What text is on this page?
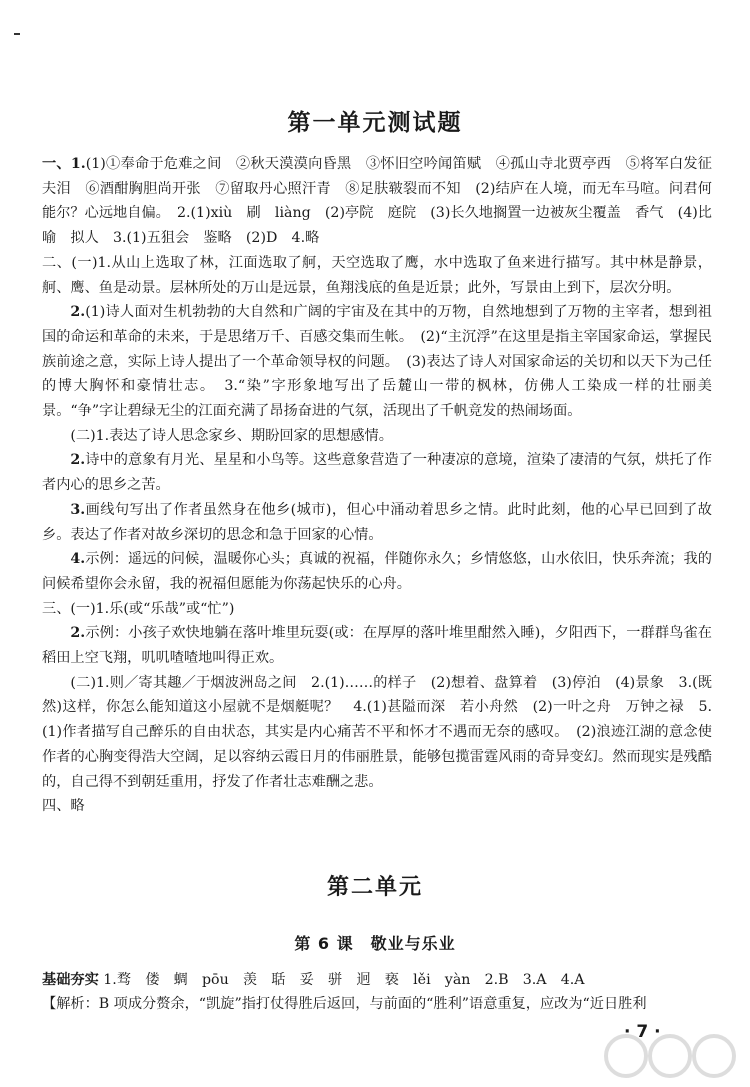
第一单元测试题

一、1.(1)①奉命于危难之间　②秋天漠漠向昏黑　③怀旧空吟闻笛赋　④孤山寺北贾亭西　⑤将军白发征夫泪　⑥酒酣胸胆尚开张　⑦留取丹心照汗青　⑧足肤皲裂而不知　(2)结庐在人境，而无车马喧。问君何能尔？心远地自偏。　2.(1)xiù　刷　liàng　(2)亭院　庭院　(3)长久地搁置一边被灰尘覆盖　香气　(4)比喻　拟人　3.(1)五狙会　鉴略　(2)D　4.略

二、(一)1.从山上选取了林，江面选取了舸，天空选取了鹰，水中选取了鱼来进行描写。其中林是静景，舸、鹰、鱼是动景。层林所处的万山是远景，鱼翔浅底的鱼是近景；此外，写景由上到下，层次分明。

2.(1)诗人面对生机勃勃的大自然和广阔的宇宙及在其中的万物，自然地想到了万物的主宰者，想到祖国的命运和革命的未来，于是思绪万千、百感交集而生帐。　(2)“主沉浮”在这里是指主宰国家命运，掌握民族前途之意，实际上诗人提出了一个革命领导权的问题。　(3)表达了诗人对国家命运的关切和以天下为己任的博大胸怀和豪情壮志。　3.“染”字形象地写出了岳麓山一带的枫林，仿佛人工染成一样的壮丽美景。“争”字让碧绿无尘的江面充满了昂扬奋进的气氛，活现出了千帆竞发的热闹场面。

(二)1.表达了诗人思念家乡、期盼回家的思想感情。

2.诗中的意象有月光、星星和小鸟等。这些意象营造了一种凄凉的意境，渲染了凄清的气氛，烘托了作者内心的思乡之苦。

3.画线句写出了作者虽然身在他乡(城市)，但心中涌动着思乡之情。此时此刻，他的心早已回到了故乡。表达了作者对故乡深切的思念和急于回家的心情。

4.示例：遥远的问候，温暖你心头；真诚的祝福，伴随你永久；乡情悠悠，山水依旧，快乐奔流；我的问候希望你会永留，我的祝福但愿能为你荡起快乐的心舟。

三、(一)1.乐(或“乐哉”或“忙”)

2.示例：小孩子欢快地躺在落叶堆里玩耍(或：在厚厚的落叶堆里酣然入睡)，夕阳西下，一群群鸟雀在稻田上空飞翔，叽叽喳喳地叫得正欢。

(二)1.则／寄其趣／于烟波洲岛之间　2.(1)……的样子　(2)想着、盘算着　(3)停泊　(4)景象　3.(既然)这样，你怎么能知道这小屋就不是烟艇呢？　4.(1)甚隘而深　若小舟然　(2)一叶之舟　万钟之禄　5.(1)作者描写自己醉乐的自由状态，其实是内心痛苦不平和怀才不遇而无奈的感叹。　(2)浪迹江湖的意念使作者的心胸变得浩大空阔，足以容纳云霞日月的伟丽胜景，能够包揽雷霆风雨的奇异变幻。然而现实是残酷的，自己得不到朝廷重用，抒发了作者壮志难酬之悲。

四、略

第二单元
第 6 课　敬业与乐业

基础夯实 1.骛　偻　蜩　pōu　羡　聒　妥　骈　迥　亵　lěi　yàn　2.B　3.A　4.A

【解析：B 项成分赘余，“凯旋”指打仗得胜后返回，与前面的“胜利”语意重复，应改为“近日胜利

· 7 ·
